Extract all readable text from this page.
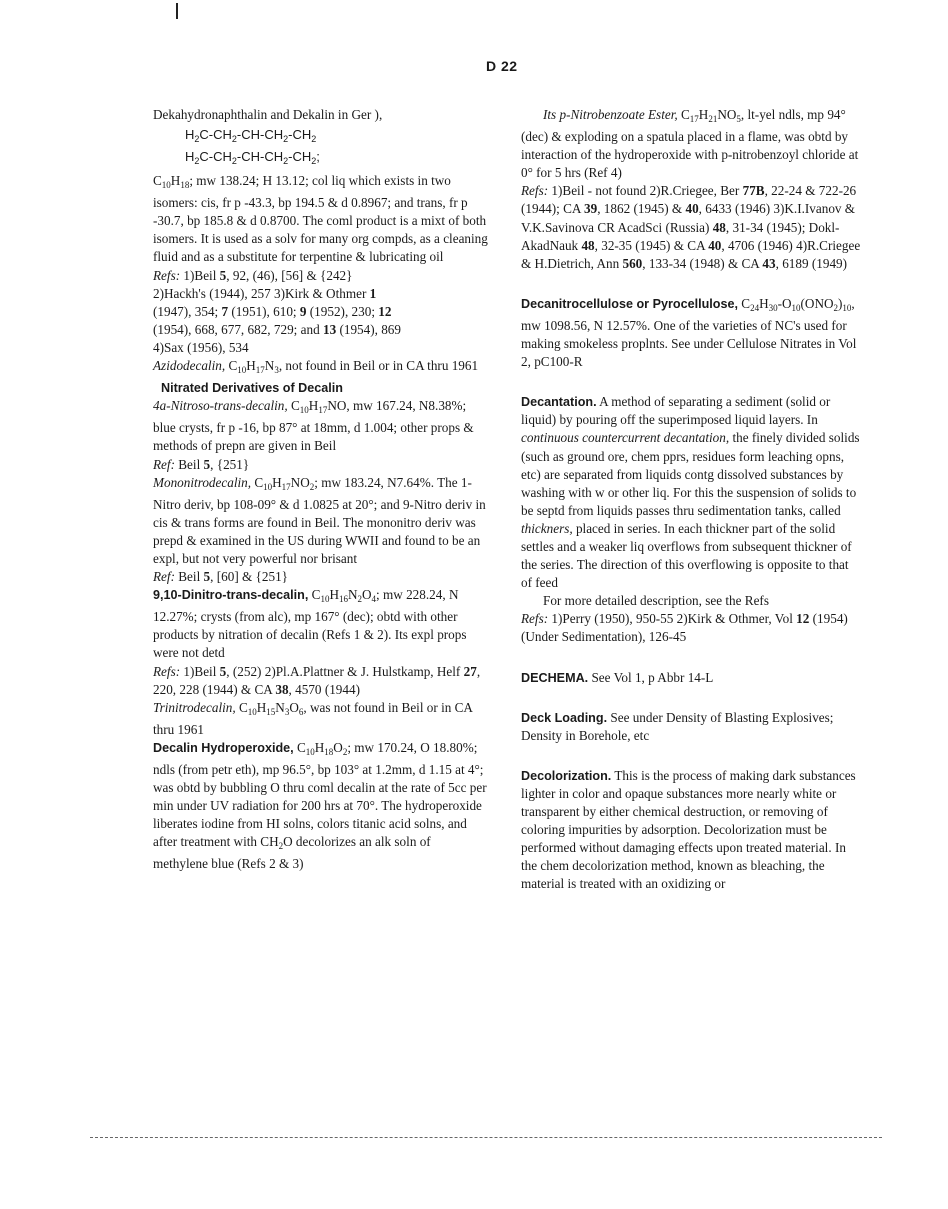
D 22

Dekahydronaphthalin and Dekalin in Ger ),

$H_2C-CH_2-CH-CH_2-CH_2$
$H_2C-CH_2-CH-CH_2-CH_2$;

$C_{10}H_{18}$; mw 138.24; H 13.12; col liq which exists in two isomers: cis, fr p -43.3, bp 194.5 & d 0.8967; and trans, fr p -30.7, bp 185.8 & d 0.8700. The coml product is a mixt of both isomers. It is used as a solv for many org compds, as a cleaning fluid and as a substitute for terpentine & lubricating oil

Refs: 1)Beil 5, 92, (46), [56] & {242}
2)Hackh's (1944), 257 3)Kirk & Othmer 1
(1947), 354; 7 (1951), 610; 9 (1952), 230; 12
(1954), 668, 677, 682, 729; and 13 (1954), 869
4)Sax (1956), 534

Azidodecalin, $C_{10}H_{17}N_3$, not found in Beil or in CA thru 1961

Nitrated Derivatives of Decalin

4a-Nitroso-trans-decalin, $C_{10}H_{17}NO$, mw 167.24, N8.38%; blue crysts, fr p -16, bp 87° at 18mm, d 1.004; other props & methods of prepn are given in Beil

Ref: Beil 5, {251}

Mononitrodecalin, $C_{10}H_{17}NO_2$; mw 183.24, N7.64%. The 1-Nitro deriv, bp 108-09° & d 1.0825 at 20°; and 9-Nitro deriv in cis & trans forms are found in Beil. The mononitro deriv was prepd & examined in the US during WWII and found to be an expl, but not very powerful nor brisant

Ref: Beil 5, [60] & {251}

9,10-Dinitro-trans-decalin, $C_{10}H_{16}N_2O_4$; mw 228.24, N 12.27%; crysts (from alc), mp 167° (dec); obtd with other products by nitration of decalin (Refs 1 & 2). Its expl props were not detd

Refs: 1)Beil 5, (252) 2)Pl.A.Plattner & J. Hulstkamp, Helf 27, 220, 228 (1944) & CA 38, 4570 (1944)

Trinitrodecalin, $C_{10}H_{15}N_3O_6$, was not found in Beil or in CA thru 1961

Decalin Hydroperoxide, $C_{10}H_{18}O_2$; mw 170.24, O 18.80%; ndls (from petr eth), mp 96.5°, bp 103° at 1.2mm, d 1.15 at 4°; was obtd by bubbling O thru coml decalin at the rate of 5cc per min under UV radiation for 200 hrs at 70°. The hydroperoxide liberates iodine from HI solns, colors titanic acid solns, and after treatment with $CH_2O$ decolorizes an alk soln of methylene blue (Refs 2 & 3)

Its p-Nitrobenzoate Ester, $C_{17}H_{21}NO_5$, lt-yel ndls, mp 94° (dec) & exploding on a spatula placed in a flame, was obtd by interaction of the hydroperoxide with p-nitrobenzoyl chloride at 0° for 5 hrs (Ref 4)

Refs: 1)Beil - not found 2)R.Criegee, Ber 77B, 22-24 & 722-26 (1944); CA 39, 1862 (1945) & 40, 6433 (1946) 3)K.I.Ivanov & V.K.Savinova CR AcadSci (Russia) 48, 31-34 (1945); Dokl-AkadNauk 48, 32-35 (1945) & CA 40, 4706 (1946) 4)R.Criegee & H.Dietrich, Ann 560, 133-34 (1948) & CA 43, 6189 (1949)

Decanitrocellulose or Pyrocellulose, $C_{24}H_{30}-O_{10}(ONO_2)_{10}$, mw 1098.56, N 12.57%. One of the varieties of NC's used for making smokeless proplnts. See under Cellulose Nitrates in Vol 2, pC100-R

Decantation. A method of separating a sediment (solid or liquid) by pouring off the superimposed liquid layers. In continuous countercurrent decantation, the finely divided solids (such as ground ore, chem pprs, residues form leaching opns, etc) are separated from liquids contg dissolved substances by washing with w or other liq. For this the suspension of solids to be septd from liquids passes thru sedimentation tanks, called thickners, placed in series. In each thickner part of the solid settles and a weaker liq overflows from subsequent thickner of the series. The direction of this overflowing is opposite to that of feed

For more detailed description, see the Refs

Refs: 1)Perry (1950), 950-55 2)Kirk & Othmer, Vol 12 (1954) (Under Sedimentation), 126-45

DECHEMA. See Vol 1, p Abbr 14-L

Deck Loading. See under Density of Blasting Explosives; Density in Borehole, etc

Decolorization. This is the process of making dark substances lighter in color and opaque substances more nearly white or transparent by either chemical destruction, or removing of coloring impurities by adsorption. Decolorization must be performed without damaging effects upon treated material. In the chem decolorization method, known as bleaching, the material is treated with an oxidizing or
